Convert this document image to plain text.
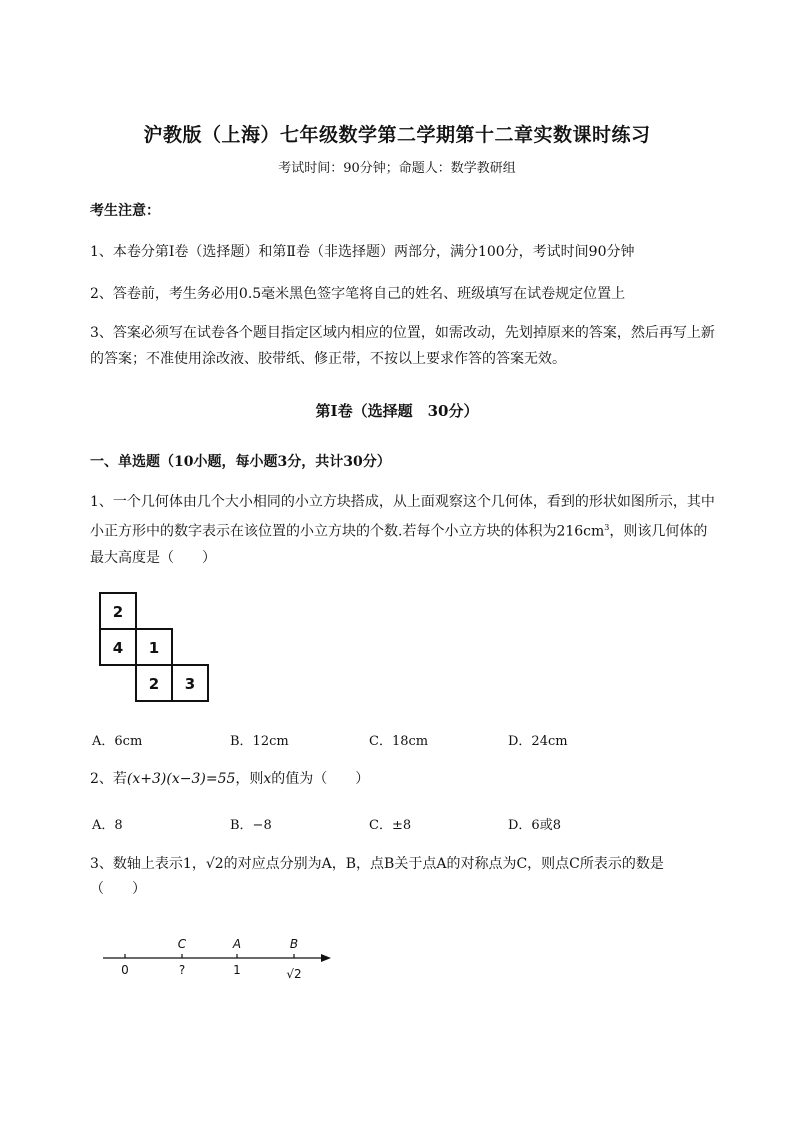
沪教版（上海）七年级数学第二学期第十二章实数课时练习
考试时间：90分钟；命题人：数学教研组
考生注意：
1、本卷分第I卷（选择题）和第Ⅱ卷（非选择题）两部分，满分100分，考试时间90分钟
2、答卷前，考生务必用0.5毫米黑色签字笔将自己的姓名、班级填写在试卷规定位置上
3、答案必须写在试卷各个题目指定区域内相应的位置，如需改动，先划掉原来的答案，然后再写上新的答案；不准使用涂改液、胶带纸、修正带，不按以上要求作答的答案无效。
第I卷（选择题　30分）
一、单选题（10小题，每小题3分，共计30分）
1、一个几何体由几个大小相同的小立方块搭成，从上面观察这个几何体，看到的形状如图所示，其中小正方形中的数字表示在该位置的小立方块的个数.若每个小立方块的体积为$216cm^3$，则该几何体的最大高度是（　　）
2
4 1
2 3
A．6cm	B．12cm	C．18cm	D．24cm
2、若(x+3)(x−3)=55，则x的值为（　　）
A．8	B．−8	C．±8	D．6或8
3、数轴上表示1，√2的对应点分别为A，B，点B关于点A的对称点为C，则点C所表示的数是
（　　）
C	A	B
0	?	1	√2
